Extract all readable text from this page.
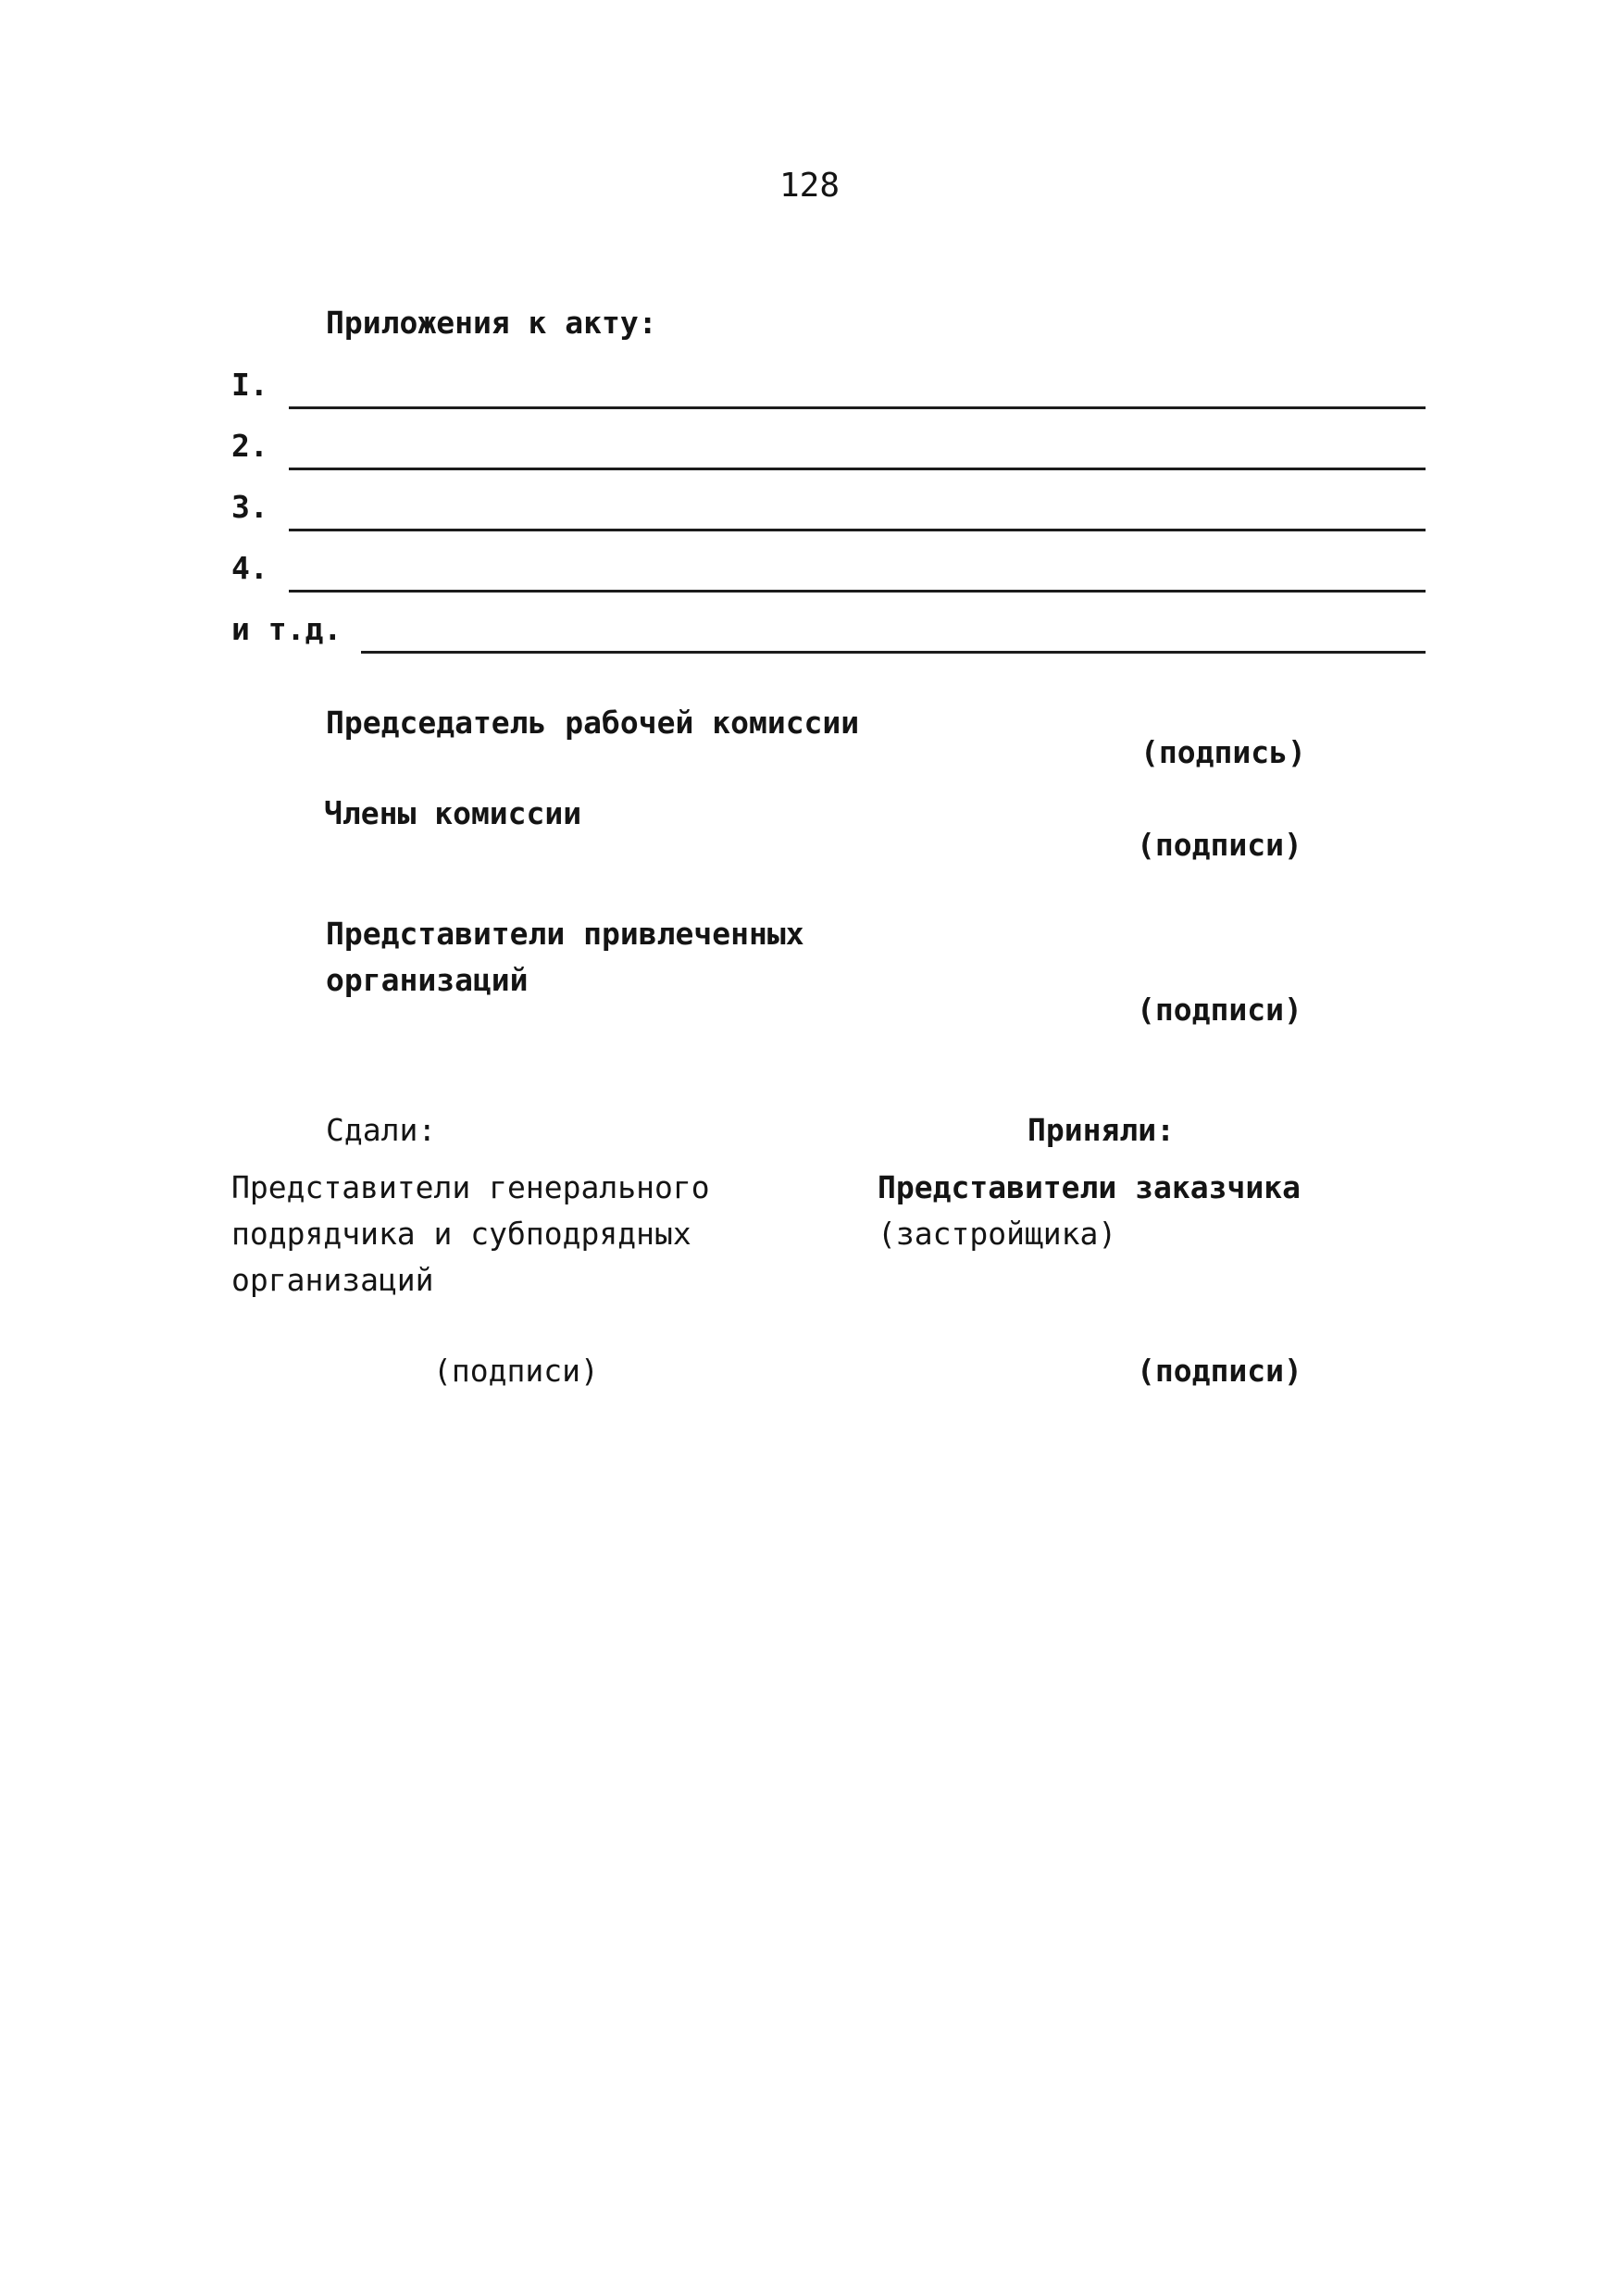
128
Приложения к акту:
I.
2.
3.
4.
и т.д.
Председатель рабочей комиссии
(подпись)
Члены комиссии
(подписи)
Представители привлеченных
организаций
(подписи)
Сдали:	Приняли:
Представители генерального
подрядчика и субподрядных
организаций
Представители заказчика
(застройщика)
(подписи)	(подписи)
